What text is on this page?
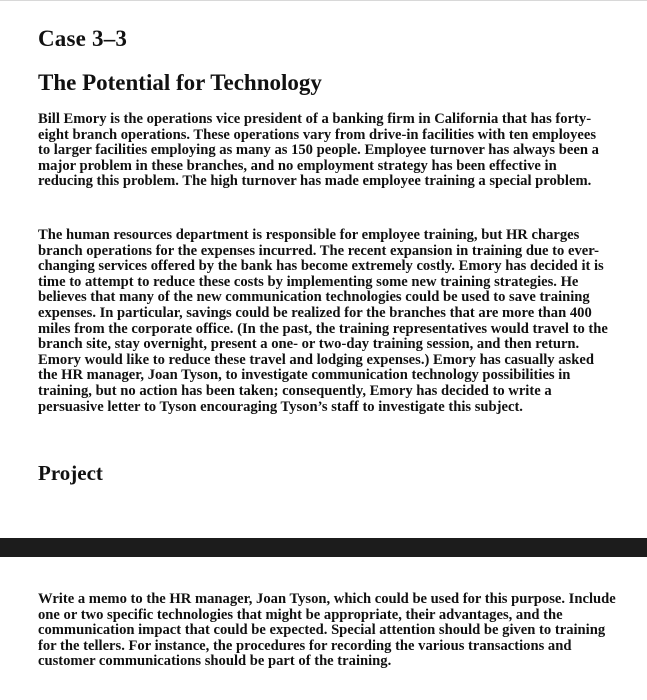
Case 3–3
The Potential for Technology

Bill Emory is the operations vice president of a banking firm in California that has forty-eight branch operations. These operations vary from drive-in facilities with ten employees to larger facilities employing as many as 150 people. Employee turnover has always been a major problem in these branches, and no employment strategy has been effective in reducing this problem. The high turnover has made employee training a special problem.

The human resources department is responsible for employee training, but HR charges branch operations for the expenses incurred. The recent expansion in training due to ever-changing services offered by the bank has become extremely costly. Emory has decided it is time to attempt to reduce these costs by implementing some new training strategies. He believes that many of the new communication technologies could be used to save training expenses. In particular, savings could be realized for the branches that are more than 400 miles from the corporate office. (In the past, the training representatives would travel to the branch site, stay overnight, present a one- or two-day training session, and then return. Emory would like to reduce these travel and lodging expenses.) Emory has casually asked the HR manager, Joan Tyson, to investigate communication technology possibilities in training, but no action has been taken; consequently, Emory has decided to write a persuasive letter to Tyson encouraging Tyson’s staff to investigate this subject.

Project

Write a memo to the HR manager, Joan Tyson, which could be used for this purpose. Include one or two specific technologies that might be appropriate, their advantages, and the communication impact that could be expected. Special attention should be given to training for the tellers. For instance, the procedures for recording the various transactions and customer communications should be part of the training.
